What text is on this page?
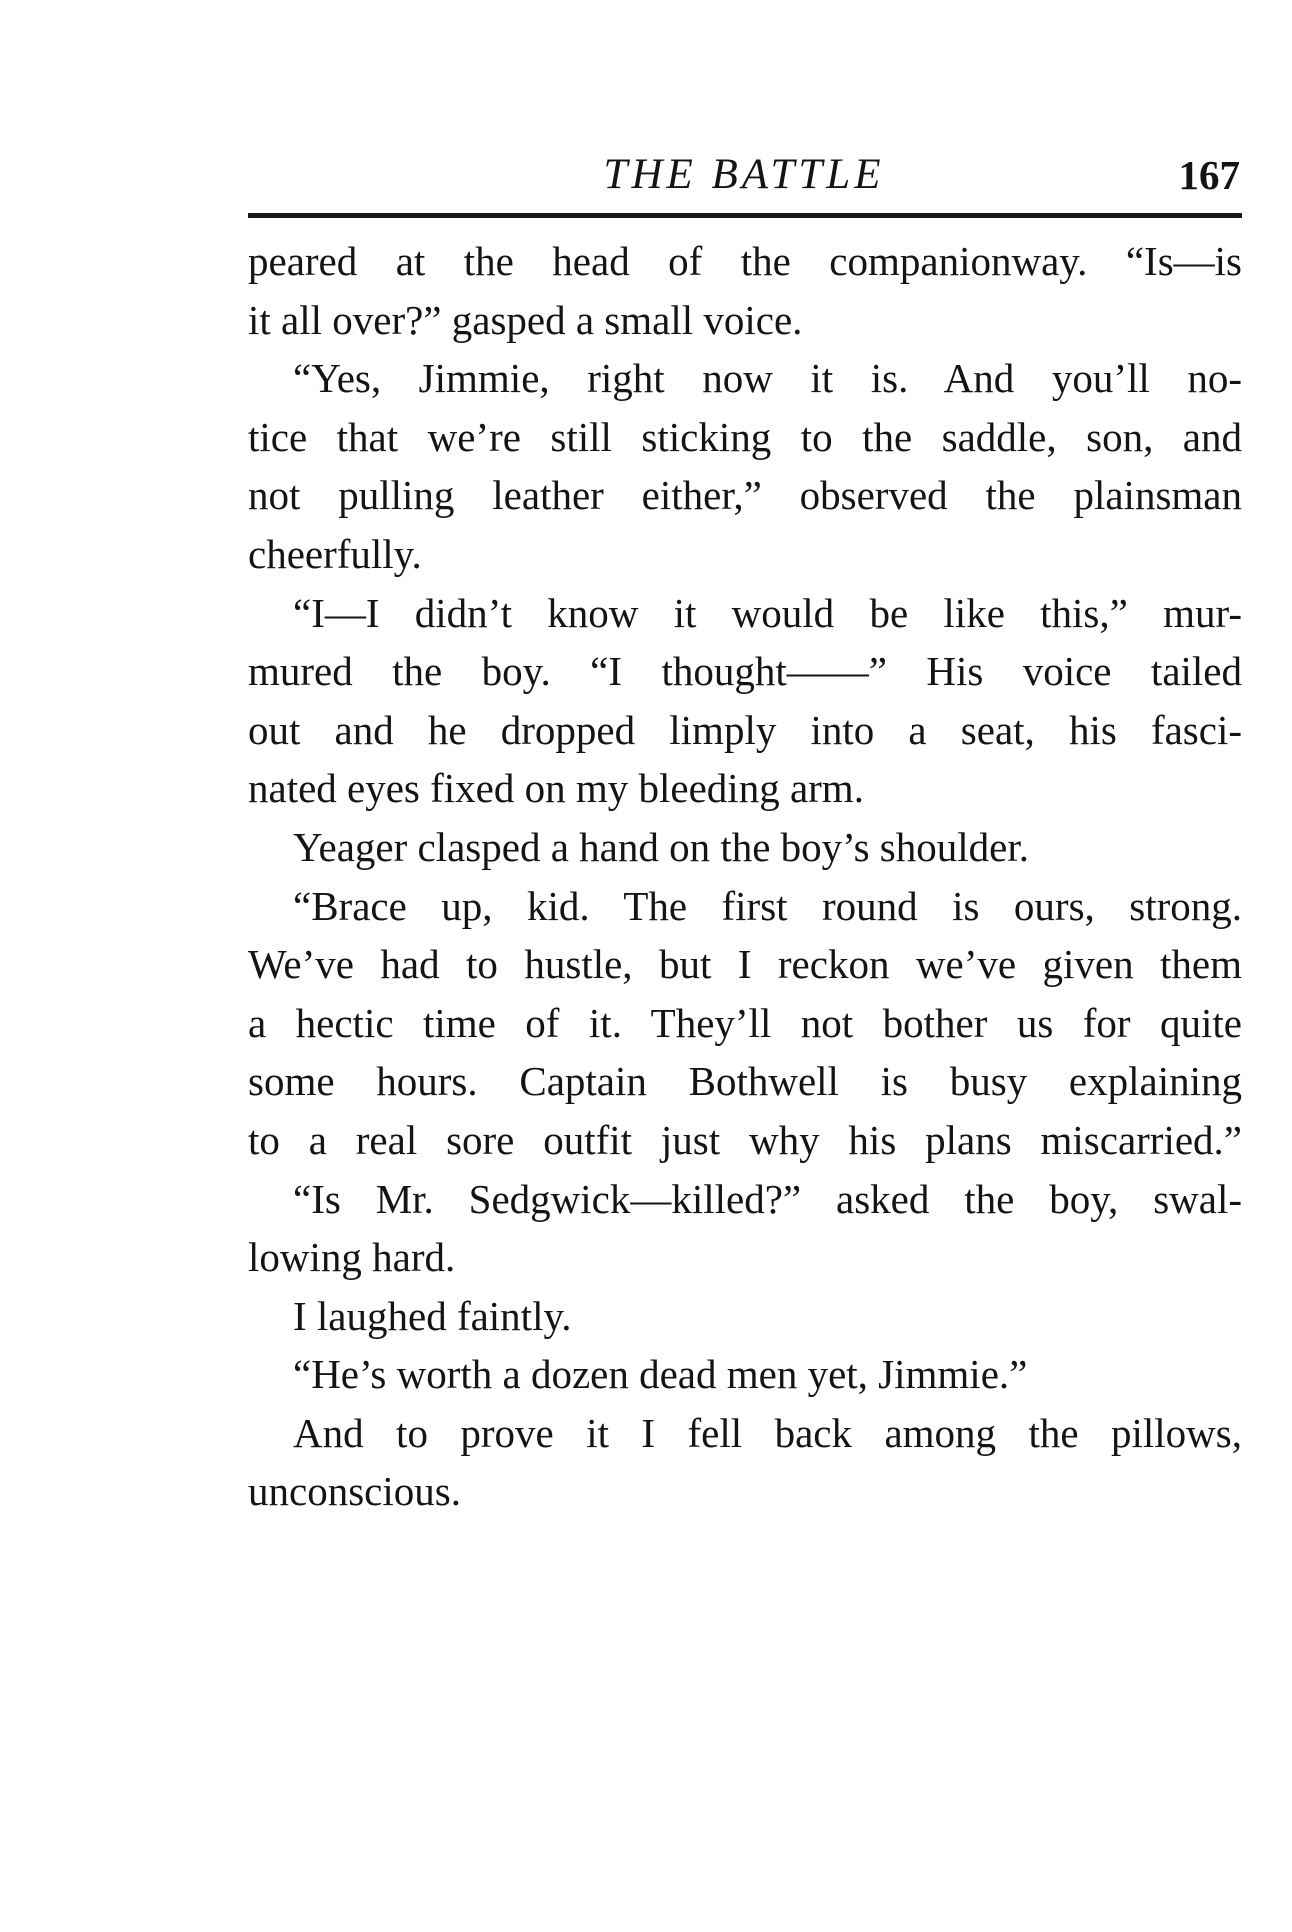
THE BATTLE	167
peared at the head of the companionway. “Is—is
it all over?” gasped a small voice.
“Yes, Jimmie, right now it is. And you’ll no-
tice that we’re still sticking to the saddle, son, and
not pulling leather either,” observed the plainsman
cheerfully.
“I—I didn’t know it would be like this,” mur-
mured the boy. “I thought——” His voice tailed
out and he dropped limply into a seat, his fasci-
nated eyes fixed on my bleeding arm.
Yeager clasped a hand on the boy’s shoulder.
“Brace up, kid. The first round is ours, strong.
We’ve had to hustle, but I reckon we’ve given them
a hectic time of it. They’ll not bother us for quite
some hours. Captain Bothwell is busy explaining
to a real sore outfit just why his plans miscarried.”
“Is Mr. Sedgwick—killed?” asked the boy, swal-
lowing hard.
I laughed faintly.
“He’s worth a dozen dead men yet, Jimmie.”
And to prove it I fell back among the pillows,
unconscious.
